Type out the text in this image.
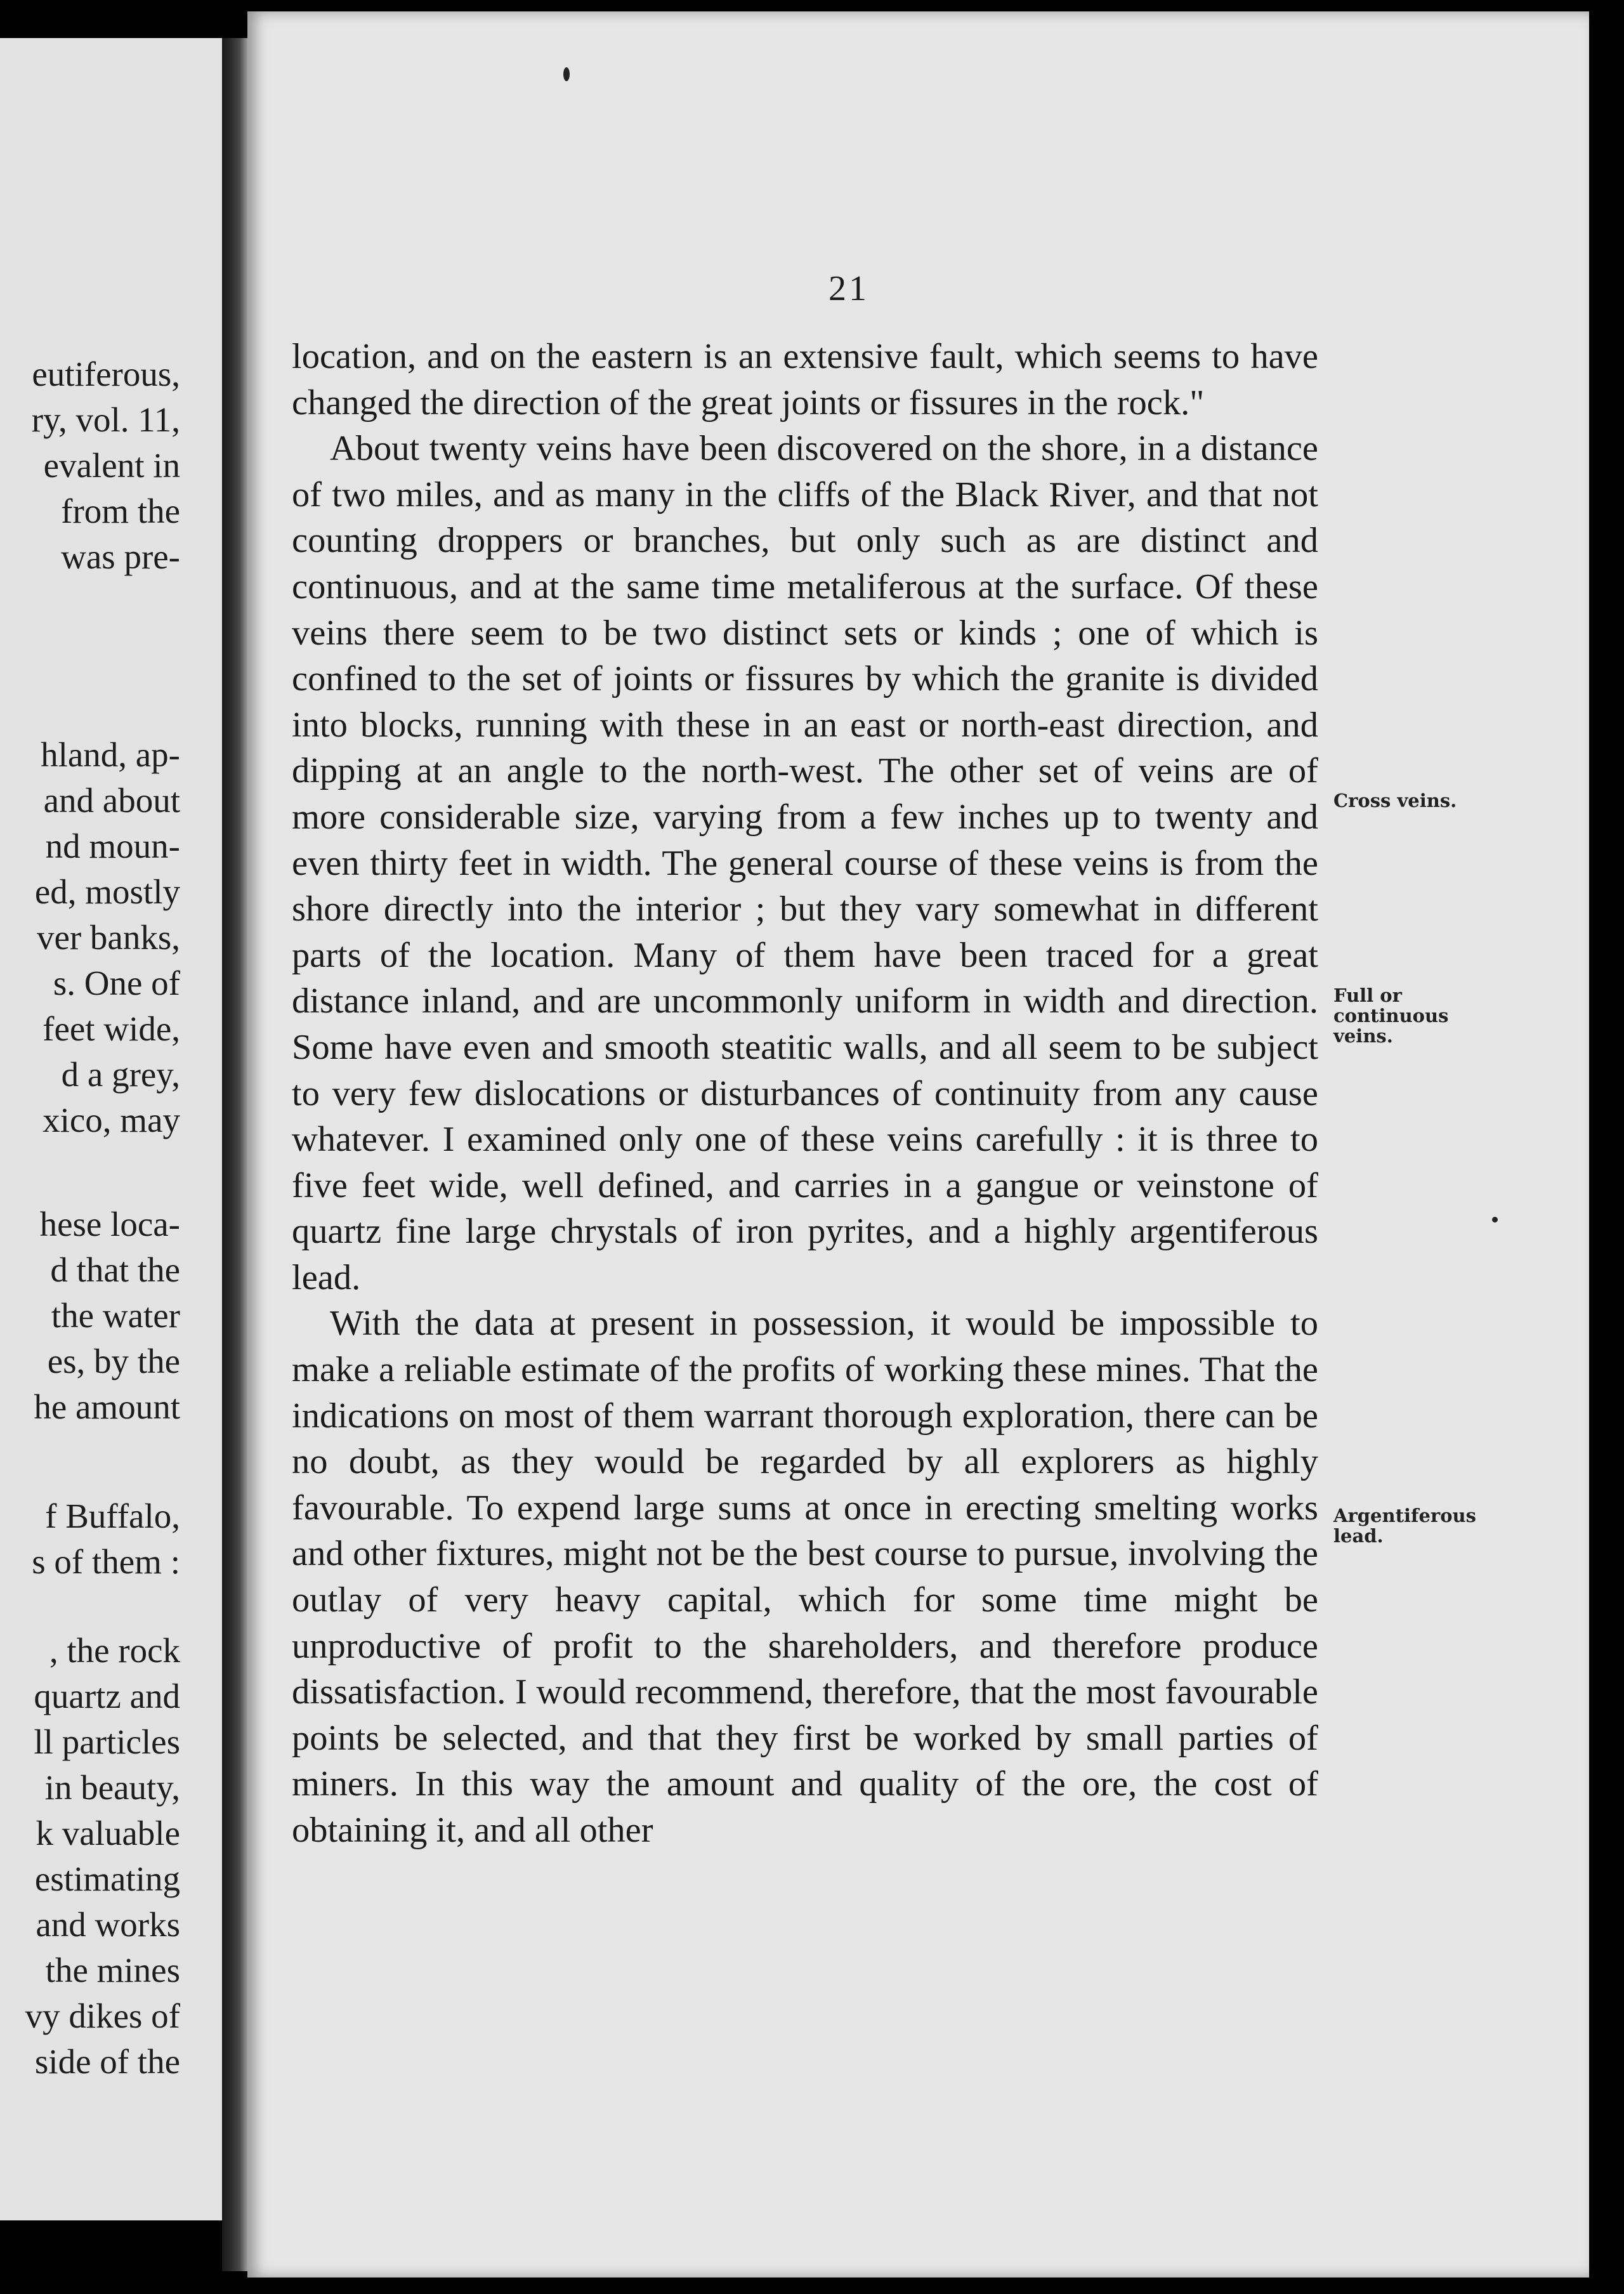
eutiferous,
ry, vol. 11,
evalent in
from the
was pre-
hland, ap-
and about
nd moun-
ed, mostly
ver banks,
s. One of
feet wide,
d a grey,
xico, may
hese loca-
d that the
the water
es, by the
he amount
f Buffalo,
s of them :
, the rock
quartz and
ll particles
in beauty,
k valuable
estimating
and works
the mines
vy dikes of
side of the
21

location, and on the eastern is an extensive fault, which seems to have changed the direction of the great joints or fissures in the rock."

About twenty veins have been discovered on the shore, in a distance of two miles, and as many in the cliffs of the Black River, and that not counting droppers or branches, but only such as are distinct and continuous, and at the same time metaliferous at the surface. Of these veins there seem to be two distinct sets or kinds ; one of which is confined to the set of joints or fissures by which the granite is divided into blocks, running with these in an east or north-east direction, and dipping at an angle to the north-west. The other set of veins are of more considerable size, varying from a few inches up to twenty and even thirty feet in width. The general course of these veins is from the shore directly into the interior ; but they vary somewhat in different parts of the location. Many of them have been traced for a great distance inland, and are uncommonly uniform in width and direction. Some have even and smooth steatitic walls, and all seem to be subject to very few dislocations or disturbances of continuity from any cause whatever. I examined only one of these veins carefully : it is three to five feet wide, well defined, and carries in a gangue or veinstone of quartz fine large chrystals of iron pyrites, and a highly argentiferous lead.

With the data at present in possession, it would be impossible to make a reliable estimate of the profits of working these mines. That the indications on most of them warrant thorough exploration, there can be no doubt, as they would be regarded by all explorers as highly favourable. To expend large sums at once in erecting smelting works and other fixtures, might not be the best course to pursue, involving the outlay of very heavy capital, which for some time might be unproductive of profit to the shareholders, and therefore produce dissatisfaction. I would recommend, therefore, that the most favourable points be selected, and that they first be worked by small parties of miners. In this way the amount and quality of the ore, the cost of obtaining it, and all other

Cross veins.
Full or continuous veins.
Argentiferous lead.
l
